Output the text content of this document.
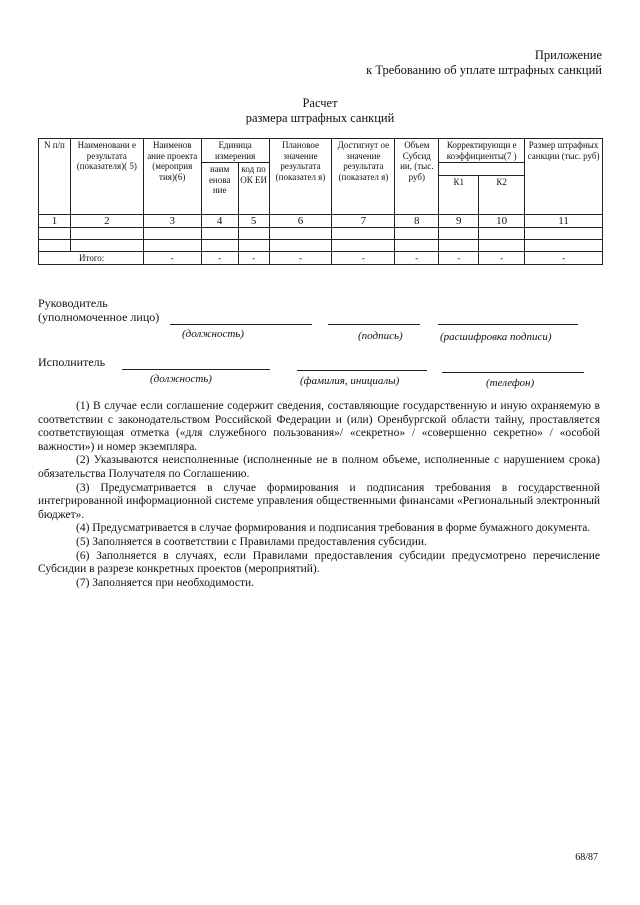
Приложение
к Требованию об уплате штрафных санкций
Расчет
размера штрафных санкций
N п/п	Наименовани е результата (показателя)( 5)	Наименов ание проекта (мероприя тия)(6)	Единица измерения		Плановое значение результата (показател я)	Достигнут ое значение результата (показател я)	Объем Субсид ии, (тыс. руб)	Корректирующи е коэффициенты(7 )		Размер штрафных санкции (тыс. руб)
			наим енова ние	код по ОК ЕИ						
								К1	К2	
1	2	3	4	5	6	7	8	9	10	11

Итого:		-	-	-	-	-	-	-	-	-
Руководитель
(уполномоченное лицо)
(должность)	(подпись)	(расшифровка подписи)
Исполнитель
(должность)	(фамилия, инициалы)	(телефон)

(1) В случае если соглашение содержит сведения, составляющие государственную и иную охраняемую в соответствии с законодательством Российской Федерации и (или) Оренбургской области тайну, проставляется соответствующая отметка («для служебного пользования»/ «секретно» / «совершенно секретно» / «особой важности») и номер экземпляра.

(2) Указываются неисполненные (исполненные не в полном объеме, исполненные с нарушением срока) обязательства Получателя по Соглашению.

(3) Предусматривается в случае формирования и подписания требования в государственной интегрированной информационной системе управления общественными финансами «Региональный электронный бюджет».

(4) Предусматривается в случае формирования и подписания требования в форме бумажного документа.

(5) Заполняется в соответствии с Правилами предоставления субсидии.

(6) Заполняется в случаях, если Правилами предоставления субсидии предусмотрено перечисление Субсидии в разрезе конкретных проектов (мероприятий).

(7) Заполняется при необходимости.

68/87
